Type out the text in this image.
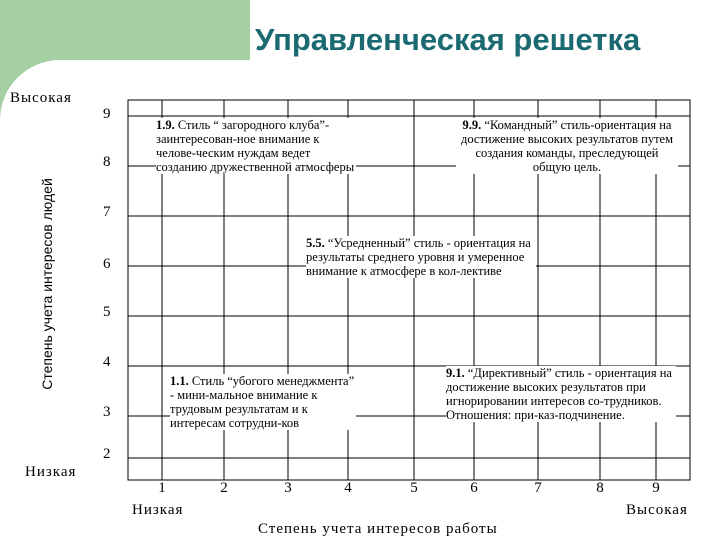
Управленческая решетка
Высокая
Низкая
Степень учета интересов людей
9
8
7
6
5
4
3
2
1	2	3	4	5	6	7	8	9
Низкая	Высокая
Степень учета интересов работы
1.9. Стиль “ загородного клуба”- заинтересован-ное внимание к челове-ческим нуждам ведет созданию дружественной атмосферы
9.9. “Командный” стиль-ориентация на достижение высоких результатов путем создания команды, преследующей общую цель.
5.5. “Усредненный” стиль - ориентация на результаты среднего уровня и умеренное внимание к атмосфере в кол-лективе
1.1. Стиль “убогого менеджмента” - мини-мальное внимание к трудовым результатам и к интересам сотрудни-ков
9.1. “Директивный” стиль - ориентация на достижение высоких результатов при игнорировании интересов со-трудников. Отношения: при-каз-подчинение.
